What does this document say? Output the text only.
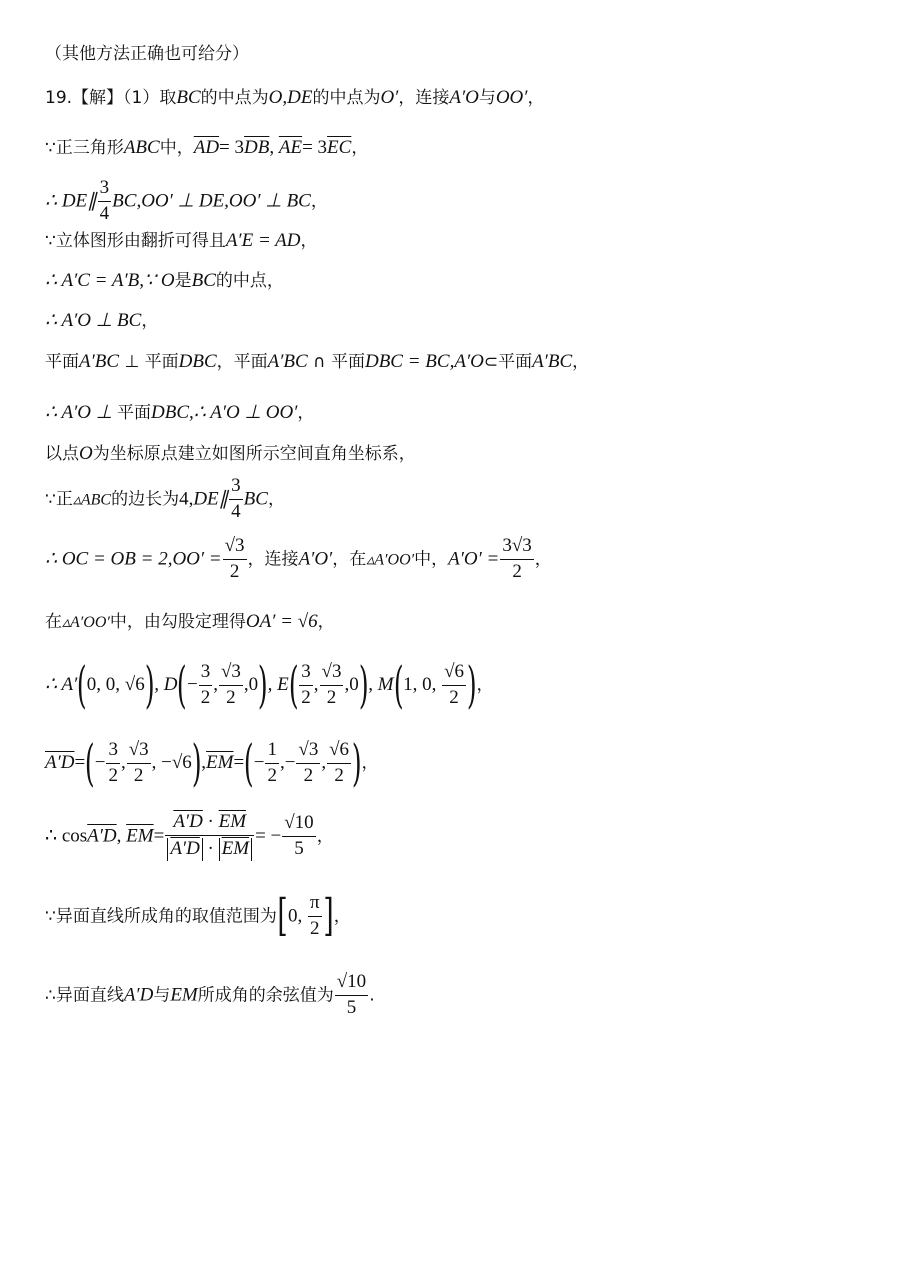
（其他方法正确也可给分）
19.【解】（1）取BC的中点为O,DE的中点为O′，连接A′O与OO′，
∵正三角形ABC中，$\overline{AD}= 3\overline{DB}$, $\overline{AE}= 3\overline{EC}$，
∴ DE∥ $\frac{3}{4} BC,OO'$ ⊥ DE,OO′ ⊥ BC，
∵立体图形由翻折可得且A′E = AD，
∴ A′C = A′B,∵ O是BC的中点，
∴ A′O ⊥ BC，
平面A′BC ⊥ 平面DBC，平面A′BC ∩ 平面DBC = BC,A′O⊂平面A′BC，
∴ A′O ⊥ 平面DBC,∴ A′O ⊥ OO′，
以点O为坐标原点建立如图所示空间直角坐标系，
∵正▵ABC的边长为4,DE∥ $\frac{3}{4}$ BC，
∴ OC = OB = $2,OO' = \frac{√3}{2}$ ，连接A′O′，在▵A′OO′中，$A'O' = \frac{3√3}{2}$ ，
在▵A′OO′中，由勾股定理得OA′ = √6，
∴ A′(0, 0, √6), $D(- \frac{3}{2}$ , $\frac{√3}{2} ,0$), $E( \frac{3}{2}$ , $\frac{√3}{2} ,0$), M(1, 0, $\frac{√6}{2}$ )，
$A'D=(- \frac{3}{2}$ , $\frac{√3}{2}$ , $-√6),\overline{EM}=(- \frac{1}{2}$ ,− $\frac{√3}{2}$ , $\frac{√6}{2}$ )，
∴ cosA′D, $\overline{EM}= \frac{A'D \cdot \overline{EM}}{A'D \cdot \overline{EM}}$ = − $\frac{√10}{5}$ ，
∵异面直线所成角的取值范围为[0, $\frac{\pi}{2}$ ]，
∴异面直线A′D与EM所成角的余弦值为 $\frac{√10}{5}$ .
